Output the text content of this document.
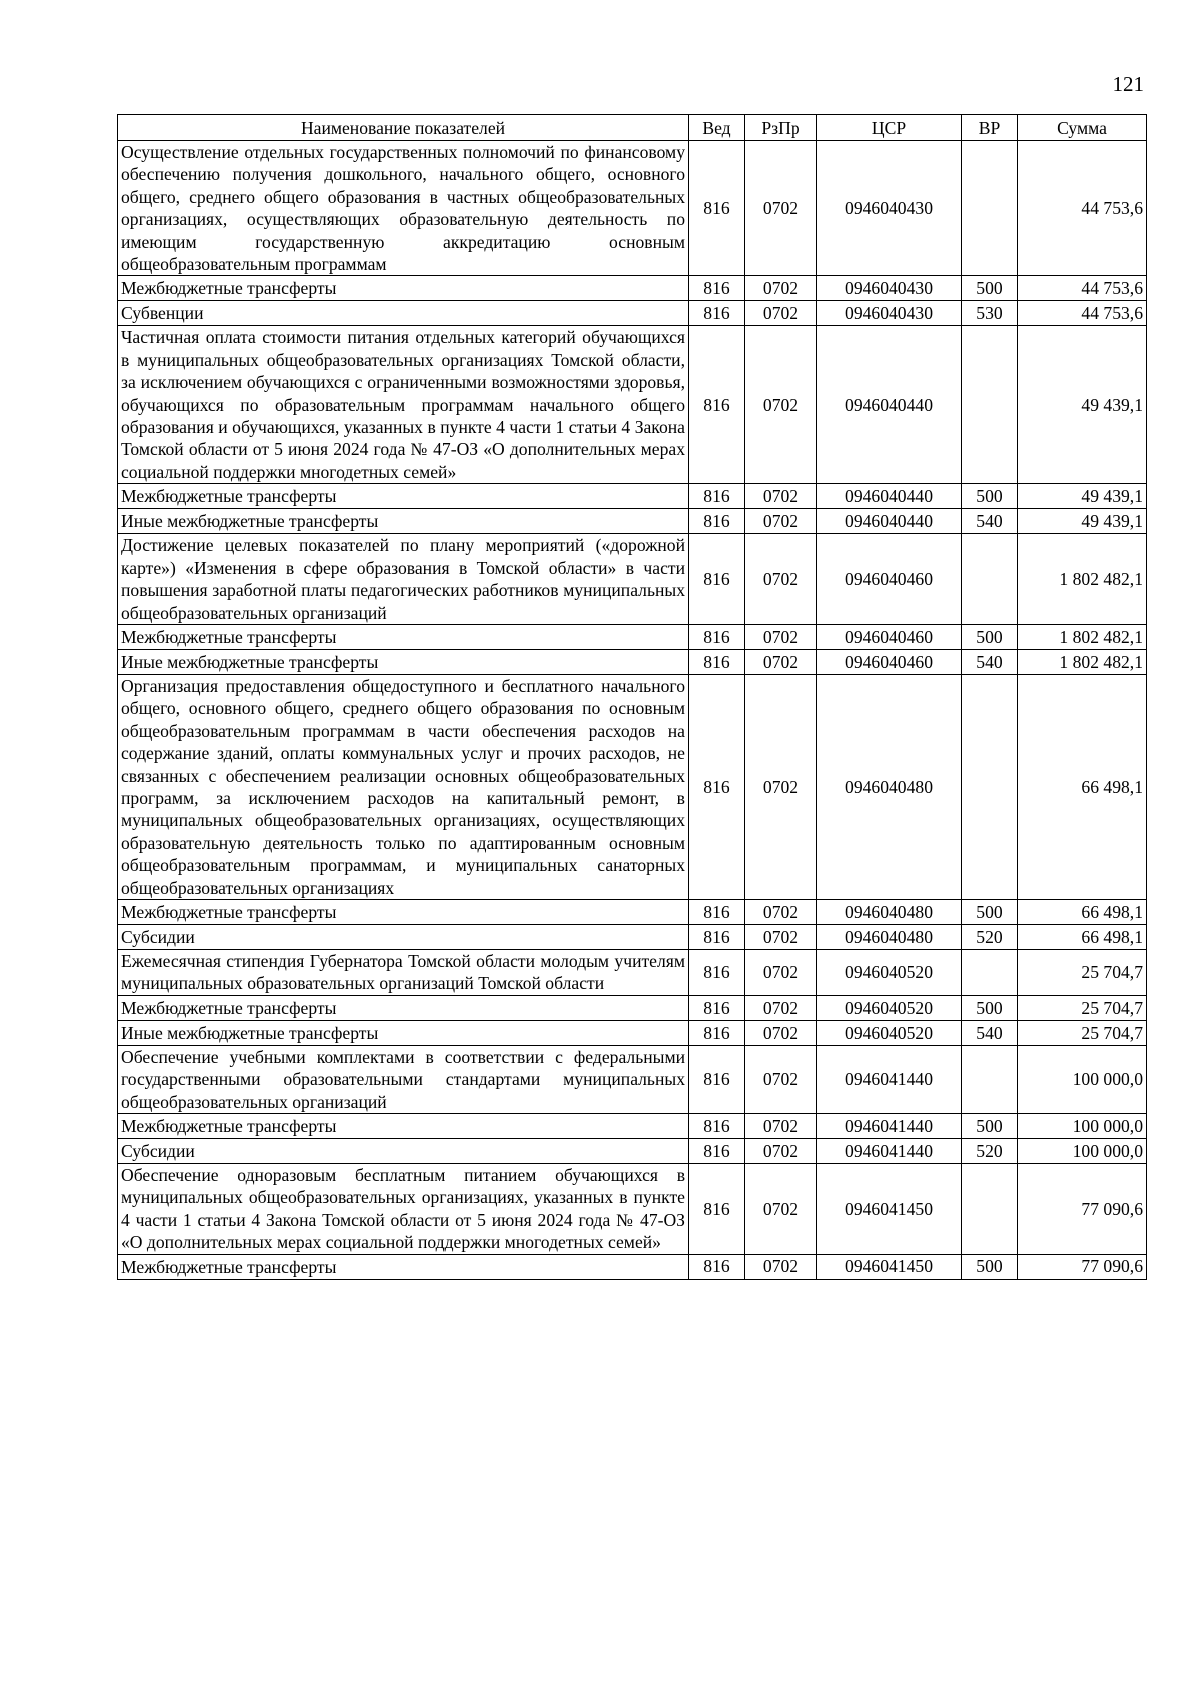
121
Наименование показателей	Вед	РзПр	ЦСР	ВР	Сумма
Осуществление отдельных государственных полномочий по финансовому обеспечению получения дошкольного, начального общего, основного общего, среднего общего образования в частных общеобразовательных организациях, осуществляющих образовательную деятельность по имеющим государственную аккредитацию основным общеобразовательным программам	816	0702	0946040430		44 753,6
Межбюджетные трансферты	816	0702	0946040430	500	44 753,6
Субвенции	816	0702	0946040430	530	44 753,6
Частичная оплата стоимости питания отдельных категорий обучающихся в муниципальных общеобразовательных организациях Томской области, за исключением обучающихся с ограниченными возможностями здоровья, обучающихся по образовательным программам начального общего образования и обучающихся, указанных в пункте 4 части 1 статьи 4 Закона Томской области от 5 июня 2024 года № 47-ОЗ «О дополнительных мерах социальной поддержки многодетных семей»	816	0702	0946040440		49 439,1
Межбюджетные трансферты	816	0702	0946040440	500	49 439,1
Иные межбюджетные трансферты	816	0702	0946040440	540	49 439,1
Достижение целевых показателей по плану мероприятий («дорожной карте») «Изменения в сфере образования в Томской области» в части повышения заработной платы педагогических работников муниципальных общеобразовательных организаций	816	0702	0946040460		1 802 482,1
Межбюджетные трансферты	816	0702	0946040460	500	1 802 482,1
Иные межбюджетные трансферты	816	0702	0946040460	540	1 802 482,1
Организация предоставления общедоступного и бесплатного начального общего, основного общего, среднего общего образования по основным общеобразовательным программам в части обеспечения расходов на содержание зданий, оплаты коммунальных услуг и прочих расходов, не связанных с обеспечением реализации основных общеобразовательных программ, за исключением расходов на капитальный ремонт, в муниципальных общеобразовательных организациях, осуществляющих образовательную деятельность только по адаптированным основным общеобразовательным программам, и муниципальных санаторных общеобразовательных организациях	816	0702	0946040480		66 498,1
Межбюджетные трансферты	816	0702	0946040480	500	66 498,1
Субсидии	816	0702	0946040480	520	66 498,1
Ежемесячная стипендия Губернатора Томской области молодым учителям муниципальных образовательных организаций Томской области	816	0702	0946040520		25 704,7
Межбюджетные трансферты	816	0702	0946040520	500	25 704,7
Иные межбюджетные трансферты	816	0702	0946040520	540	25 704,7
Обеспечение учебными комплектами в соответствии с федеральными государственными образовательными стандартами муниципальных общеобразовательных организаций	816	0702	0946041440		100 000,0
Межбюджетные трансферты	816	0702	0946041440	500	100 000,0
Субсидии	816	0702	0946041440	520	100 000,0
Обеспечение одноразовым бесплатным питанием обучающихся в муниципальных общеобразовательных организациях, указанных в пункте 4 части 1 статьи 4 Закона Томской области от 5 июня 2024 года № 47-ОЗ «О дополнительных мерах социальной поддержки многодетных семей»	816	0702	0946041450		77 090,6
Межбюджетные трансферты	816	0702	0946041450	500	77 090,6
